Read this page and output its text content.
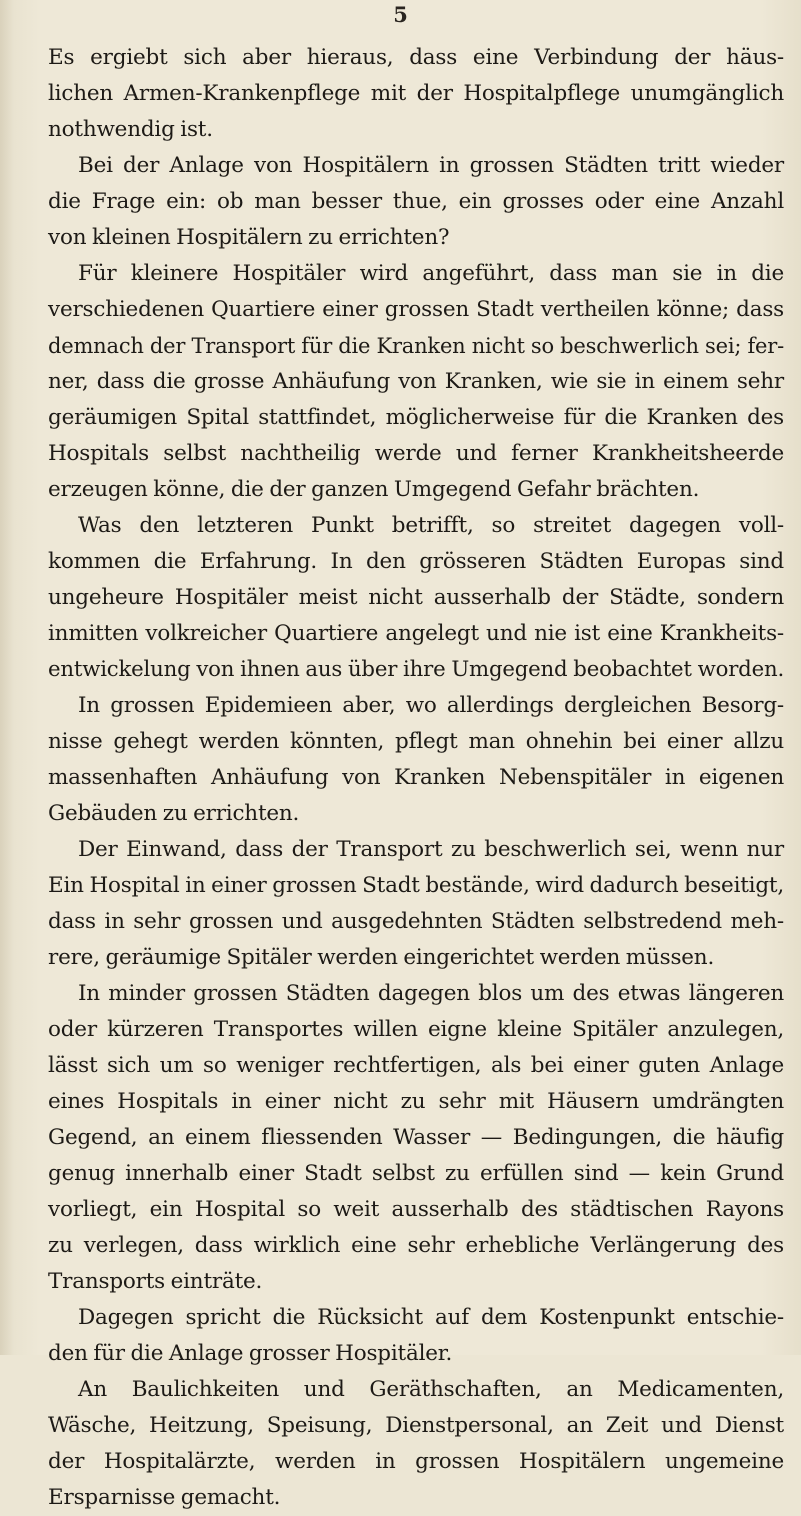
5
Es ergiebt sich aber hieraus, dass eine Verbindung der häus-
lichen Armen-Krankenpflege mit der Hospitalpflege unumgänglich
nothwendig ist.
Bei der Anlage von Hospitälern in grossen Städten tritt wieder
die Frage ein: ob man besser thue, ein grosses oder eine Anzahl
von kleinen Hospitälern zu errichten?
Für kleinere Hospitäler wird angeführt, dass man sie in die
verschiedenen Quartiere einer grossen Stadt vertheilen könne; dass
demnach der Transport für die Kranken nicht so beschwerlich sei; fer-
ner, dass die grosse Anhäufung von Kranken, wie sie in einem sehr
geräumigen Spital stattfindet, möglicherweise für die Kranken des
Hospitals selbst nachtheilig werde und ferner Krankheitsheerde
erzeugen könne, die der ganzen Umgegend Gefahr brächten.
Was den letzteren Punkt betrifft, so streitet dagegen voll-
kommen die Erfahrung. In den grösseren Städten Europas sind
ungeheure Hospitäler meist nicht ausserhalb der Städte, sondern
inmitten volkreicher Quartiere angelegt und nie ist eine Krankheits-
entwickelung von ihnen aus über ihre Umgegend beobachtet worden.
In grossen Epidemieen aber, wo allerdings dergleichen Besorg-
nisse gehegt werden könnten, pflegt man ohnehin bei einer allzu
massenhaften Anhäufung von Kranken Nebenspitäler in eigenen
Gebäuden zu errichten.
Der Einwand, dass der Transport zu beschwerlich sei, wenn nur
Ein Hospital in einer grossen Stadt bestände, wird dadurch beseitigt,
dass in sehr grossen und ausgedehnten Städten selbstredend meh-
rere, geräumige Spitäler werden eingerichtet werden müssen.
In minder grossen Städten dagegen blos um des etwas längeren
oder kürzeren Transportes willen eigne kleine Spitäler anzulegen,
lässt sich um so weniger rechtfertigen, als bei einer guten Anlage
eines Hospitals in einer nicht zu sehr mit Häusern umdrängten
Gegend, an einem fliessenden Wasser — Bedingungen, die häufig
genug innerhalb einer Stadt selbst zu erfüllen sind — kein Grund
vorliegt, ein Hospital so weit ausserhalb des städtischen Rayons
zu verlegen, dass wirklich eine sehr erhebliche Verlängerung des
Transports einträte.
Dagegen spricht die Rücksicht auf dem Kostenpunkt entschie-
den für die Anlage grosser Hospitäler.
An Baulichkeiten und Geräthschaften, an Medicamenten,
Wäsche, Heitzung, Speisung, Dienstpersonal, an Zeit und Dienst
der Hospitalärzte, werden in grossen Hospitälern ungemeine
Ersparnisse gemacht.
